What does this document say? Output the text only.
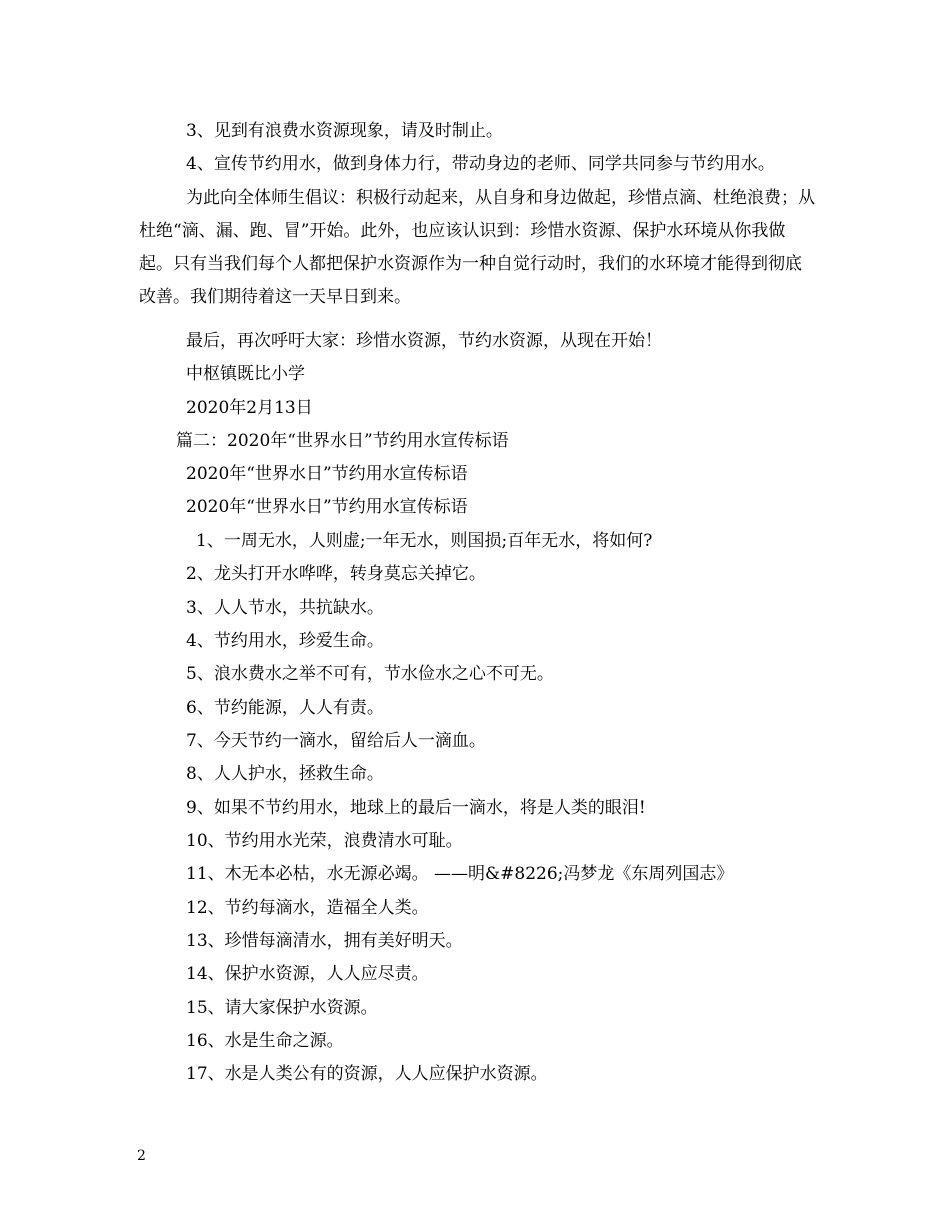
3、见到有浪费水资源现象，请及时制止。
4、宣传节约用水，做到身体力行，带动身边的老师、同学共同参与节约用水。
为此向全体师生倡议：积极行动起来，从自身和身边做起，珍惜点滴、杜绝浪费；从杜绝“滴、漏、跑、冒”开始。此外，也应该认识到：珍惜水资源、保护水环境从你我做起。只有当我们每个人都把保护水资源作为一种自觉行动时，我们的水环境才能得到彻底改善。我们期待着这一天早日到来。
最后，再次呼吁大家：珍惜水资源，节约水资源，从现在开始！
中枢镇既比小学
2020年2月13日
篇二：2020年“世界水日”节约用水宣传标语
2020年“世界水日”节约用水宣传标语
2020年“世界水日”节约用水宣传标语
1、一周无水，人则虚;一年无水，则国损;百年无水，将如何?
2、龙头打开水哗哗，转身莫忘关掉它。
3、人人节水，共抗缺水。
4、节约用水，珍爱生命。
5、浪水费水之举不可有，节水俭水之心不可无。
6、节约能源，人人有责。
7、今天节约一滴水，留给后人一滴血。
8、人人护水，拯救生命。
9、如果不节约用水，地球上的最后一滴水，将是人类的眼泪!
10、节约用水光荣，浪费清水可耻。
11、木无本必枯，水无源必竭。 ——明&#8226;冯梦龙《东周列国志》
12、节约每滴水，造福全人类。
13、珍惜每滴清水，拥有美好明天。
14、保护水资源，人人应尽责。
15、请大家保护水资源。
16、水是生命之源。
17、水是人类公有的资源，人人应保护水资源。
2
